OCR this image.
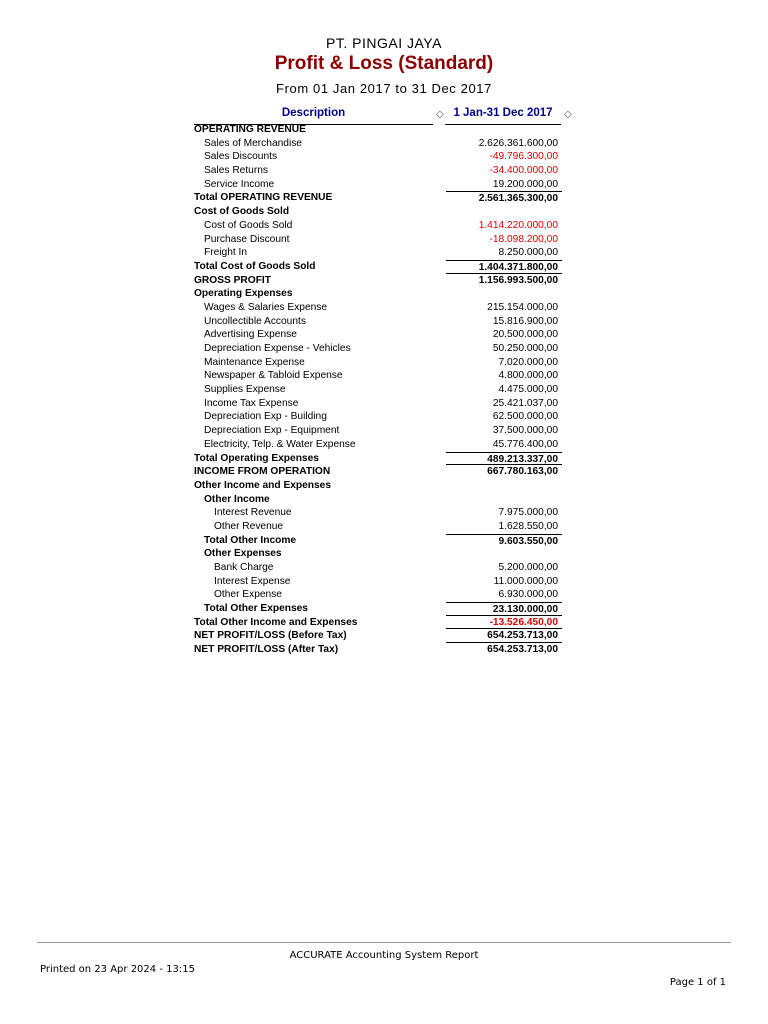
PT. PINGAI JAYA
Profit & Loss (Standard)
From 01 Jan 2017 to 31 Dec 2017
Description	◇ 1 Jan-31 Dec 2017	◇
OPERATING REVENUE
Sales of Merchandise	2.626.361.600,00
Sales Discounts	-49.796.300,00
Sales Returns	-34.400.000,00
Service Income	19.200.000,00
Total OPERATING REVENUE	2.561.365.300,00
Cost of Goods Sold
Cost of Goods Sold	1.414.220.000,00
Purchase Discount	-18.098.200,00
Freight In	8.250.000,00
Total Cost of Goods Sold	1.404.371.800,00
GROSS PROFIT	1.156.993.500,00
Operating Expenses
Wages & Salaries Expense	215.154.000,00
Uncollectible Accounts	15.816.900,00
Advertising Expense	20.500.000,00
Depreciation Expense - Vehicles	50.250.000,00
Maintenance Expense	7.020.000,00
Newspaper & Tabloid Expense	4.800.000,00
Supplies Expense	4.475.000,00
Income Tax Expense	25.421.037,00
Depreciation Exp - Building	62.500.000,00
Depreciation Exp - Equipment	37.500.000,00
Electricity, Telp. & Water Expense	45.776.400,00
Total Operating Expenses	489.213.337,00
INCOME FROM OPERATION	667.780.163,00
Other Income and Expenses
Other Income
Interest Revenue	7.975.000,00
Other Revenue	1.628.550,00
Total Other Income	9.603.550,00
Other Expenses
Bank Charge	5.200.000,00
Interest Expense	11.000.000,00
Other Expense	6.930.000,00
Total Other Expenses	23.130.000,00
Total Other Income and Expenses	-13.526.450,00
NET PROFIT/LOSS (Before Tax)	654.253.713,00
NET PROFIT/LOSS (After Tax)	654.253.713,00
ACCURATE Accounting System Report
Printed on 23 Apr 2024 - 13:15
Page 1 of 1
